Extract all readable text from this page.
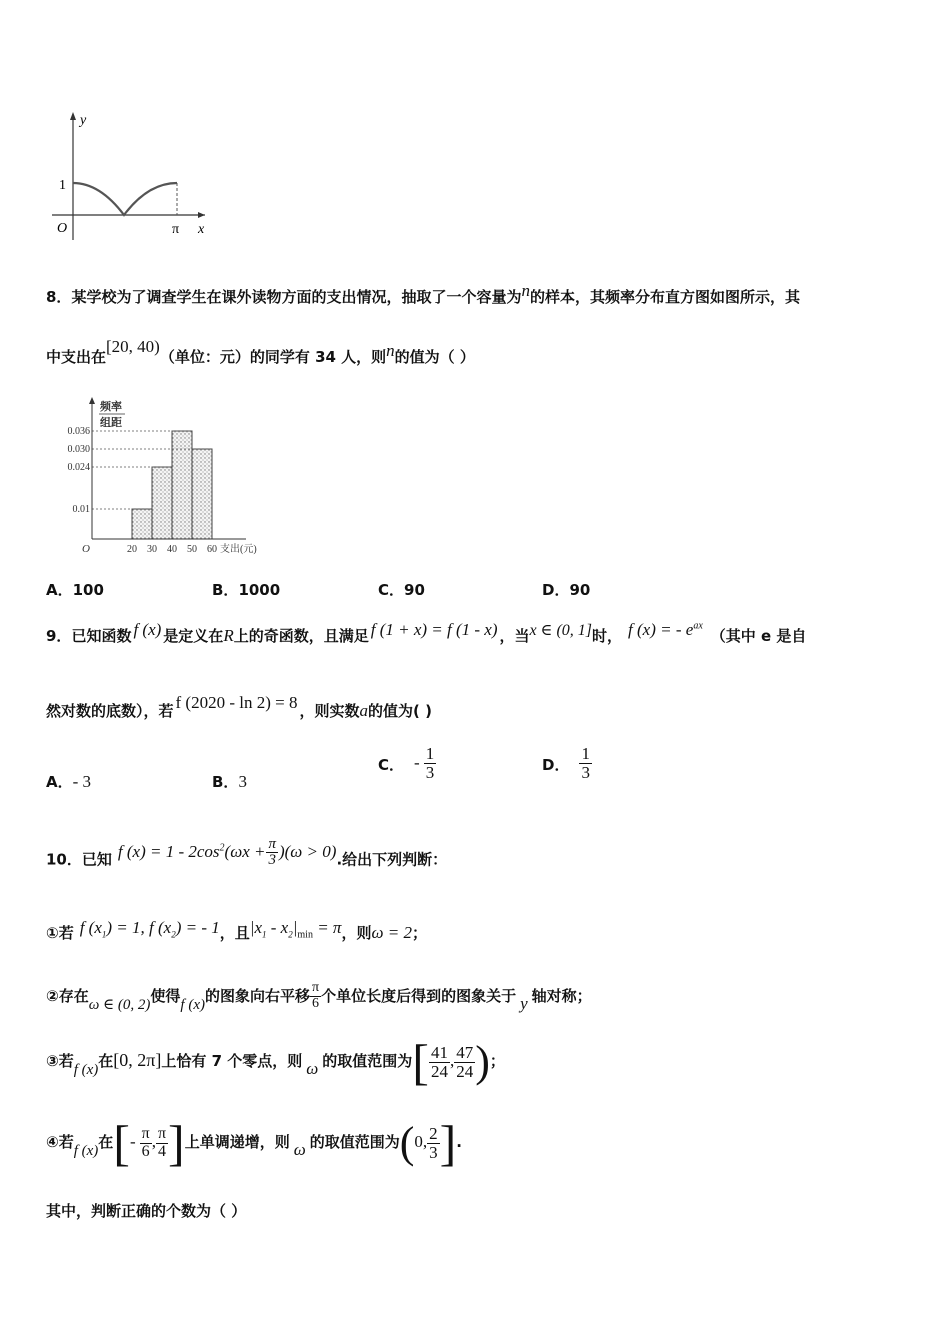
y
1
O	π x
8．某学校为了调查学生在课外读物方面的支出情况，抽取了一个容量为n的样本，其频率分布直方图如图所示，其
中支出在[20, 40)（单位：元）的同学有 34 人，则n的值为（ ）
0.036
0.030
0.024
0.01
20 30 40 50 60
O	支出(元)
频率
组距
A．100	B．1000	C．90	D．90
9．已知函数 f (x) 是定义在R上的奇函数，且满足 f (1 + x) = f (1 - x) ，当x ∈ (0, 1]时， f (x) = - $e^{ax}$（其中 e 是自
然对数的底数），若 f (2020 - ln 2) = 8 ，则实数a的值为( )
A．- 3	B．3
C． - $\frac{1}{3}$	D． $\frac{1}{3}$
10．已知 f $(x) = 1 - 2\cos^2(\omega x + \frac{\pi}{3} )(\omega > 0)$.给出下列判断：
①若 f $(x_1) = 1$, f $(x_2)$ = - 1，且$|x_1 - x_2|_{min} = \pi$，则ω = 2；
②存在ω ∈ (0, 2)使得f (x)的图象向右平移 $\frac{\pi}{6}$ 个单位长度后得到的图象关于 y 轴对称；
③若f (x)在[0, 2π]上恰有 7 个零点，则 ω 的取值范围为[ $\frac{41}{24}$ , $\frac{47}{24}$ )；
④若f (x)在[- $\frac{\pi}{6}$ , $\frac{\pi}{4}$ ]上单调递增，则 ω 的取值范围为(0, $\frac{2}{3}$ ].
其中，判断正确的个数为（ ）
